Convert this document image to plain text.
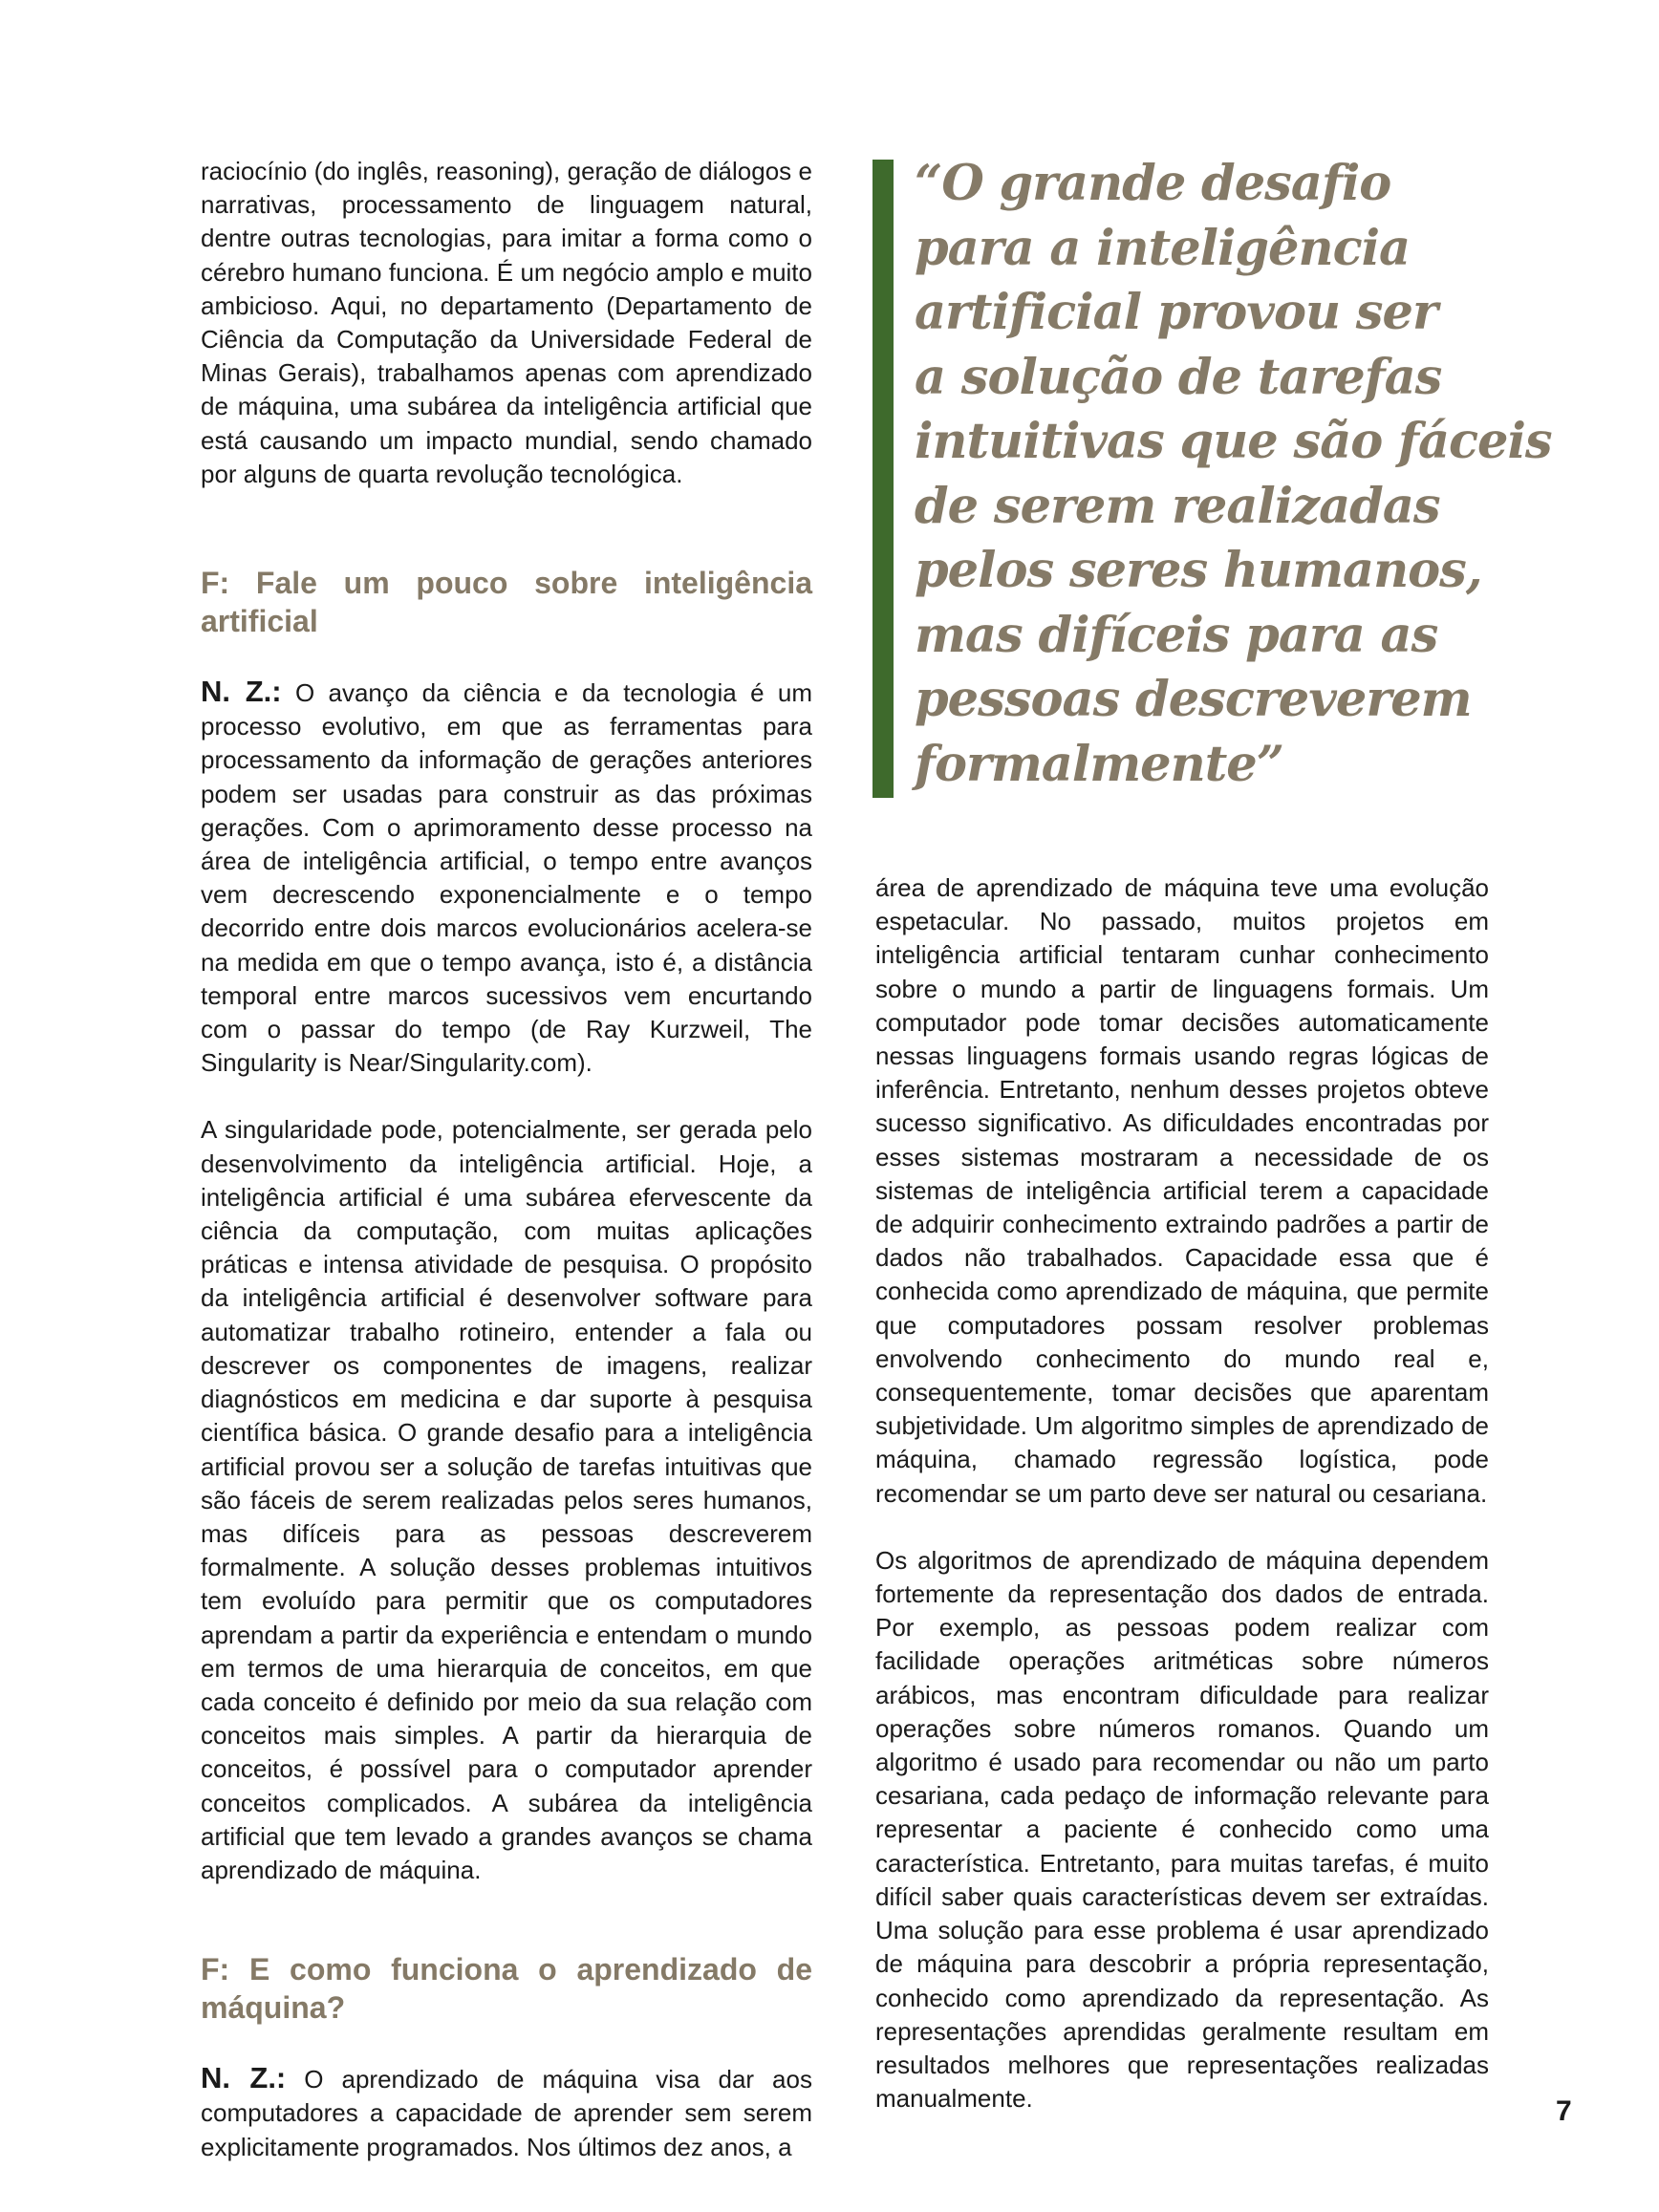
raciocínio (do inglês, reasoning), geração de diálogos e narrativas, processamento de linguagem natural, dentre outras tecnologias, para imitar a forma como o cérebro humano funciona. É um negócio amplo e muito ambicioso. Aqui, no departamento (Departamento de Ciência da Computação da Universidade Federal de Minas Gerais), trabalhamos apenas com aprendizado de máquina, uma subárea da inteligência artificial que está causando um impacto mundial, sendo chamado por alguns de quarta revolução tecnológica.

F: Fale um pouco sobre inteligência artificial

N. Z.: O avanço da ciência e da tecnologia é um processo evolutivo, em que as ferramentas para processamento da informação de gerações anteriores podem ser usadas para construir as das próximas gerações. Com o aprimoramento desse processo na área de inteligência artificial, o tempo entre avanços vem decrescendo exponencialmente e o tempo decorrido entre dois marcos evolucionários acelera-se na medida em que o tempo avança, isto é, a distância temporal entre marcos sucessivos vem encurtando com o passar do tempo (de Ray Kurzweil, The Singularity is Near/Singularity.com).

A singularidade pode, potencialmente, ser gerada pelo desenvolvimento da inteligência artificial. Hoje, a inteligência artificial é uma subárea efervescente da ciência da computação, com muitas aplicações práticas e intensa atividade de pesquisa. O propósito da inteligência artificial é desenvolver software para automatizar trabalho rotineiro, entender a fala ou descrever os componentes de imagens, realizar diagnósticos em medicina e dar suporte à pesquisa científica básica. O grande desafio para a inteligência artificial provou ser a solução de tarefas intuitivas que são fáceis de serem realizadas pelos seres humanos, mas difíceis para as pessoas descreverem formalmente. A solução desses problemas intuitivos tem evoluído para permitir que os computadores aprendam a partir da experiência e entendam o mundo em termos de uma hierarquia de conceitos, em que cada conceito é definido por meio da sua relação com conceitos mais simples. A partir da hierarquia de conceitos, é possível para o computador aprender conceitos complicados. A subárea da inteligência artificial que tem levado a grandes avanços se chama aprendizado de máquina.

F: E como funciona o aprendizado de máquina?

N. Z.: O aprendizado de máquina visa dar aos computadores a capacidade de aprender sem serem explicitamente programados. Nos últimos dez anos, a

“O grande desafio
para a inteligência
artificial provou ser
a solução de tarefas
intuitivas que são fáceis
de serem realizadas
pelos seres humanos,
mas difíceis para as
pessoas descreverem
formalmente”

área de aprendizado de máquina teve uma evolução espetacular. No passado, muitos projetos em inteligência artificial tentaram cunhar conhecimento sobre o mundo a partir de linguagens formais. Um computador pode tomar decisões automaticamente nessas linguagens formais usando regras lógicas de inferência. Entretanto, nenhum desses projetos obteve sucesso significativo. As dificuldades encontradas por esses sistemas mostraram a necessidade de os sistemas de inteligência artificial terem a capacidade de adquirir conhecimento extraindo padrões a partir de dados não trabalhados. Capacidade essa que é conhecida como aprendizado de máquina, que permite que computadores possam resolver problemas envolvendo conhecimento do mundo real e, consequentemente, tomar decisões que aparentam subjetividade. Um algoritmo simples de aprendizado de máquina, chamado regressão logística, pode recomendar se um parto deve ser natural ou cesariana.

Os algoritmos de aprendizado de máquina dependem fortemente da representação dos dados de entrada. Por exemplo, as pessoas podem realizar com facilidade operações aritméticas sobre números arábicos, mas encontram dificuldade para realizar operações sobre números romanos. Quando um algoritmo é usado para recomendar ou não um parto cesariana, cada pedaço de informação relevante para representar a paciente é conhecido como uma característica. Entretanto, para muitas tarefas, é muito difícil saber quais características devem ser extraídas. Uma solução para esse problema é usar aprendizado de máquina para descobrir a própria representação, conhecido como aprendizado da representação. As representações aprendidas geralmente resultam em resultados melhores que representações realizadas manualmente.	7
